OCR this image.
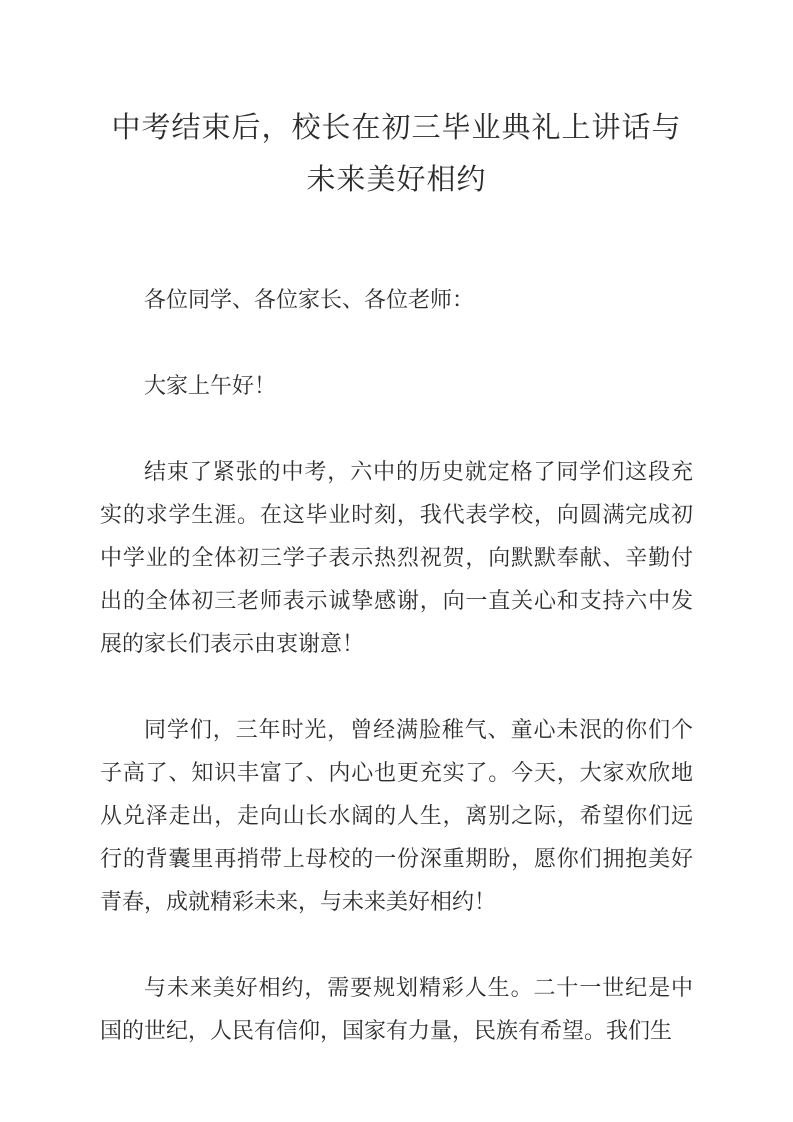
中考结束后，校长在初三毕业典礼上讲话与未来美好相约

各位同学、各位家长、各位老师：

大家上午好！

结束了紧张的中考，六中的历史就定格了同学们这段充实的求学生涯。在这毕业时刻，我代表学校，向圆满完成初中学业的全体初三学子表示热烈祝贺，向默默奉献、辛勤付出的全体初三老师表示诚挚感谢，向一直关心和支持六中发展的家长们表示由衷谢意！

同学们，三年时光，曾经满脸稚气、童心未泯的你们个子高了、知识丰富了、内心也更充实了。今天，大家欢欣地从兑泽走出，走向山长水阔的人生，离别之际，希望你们远行的背囊里再捎带上母校的一份深重期盼，愿你们拥抱美好青春，成就精彩未来，与未来美好相约！

与未来美好相约，需要规划精彩人生。二十一世纪是中国的世纪，人民有信仰，国家有力量，民族有希望。我们生
